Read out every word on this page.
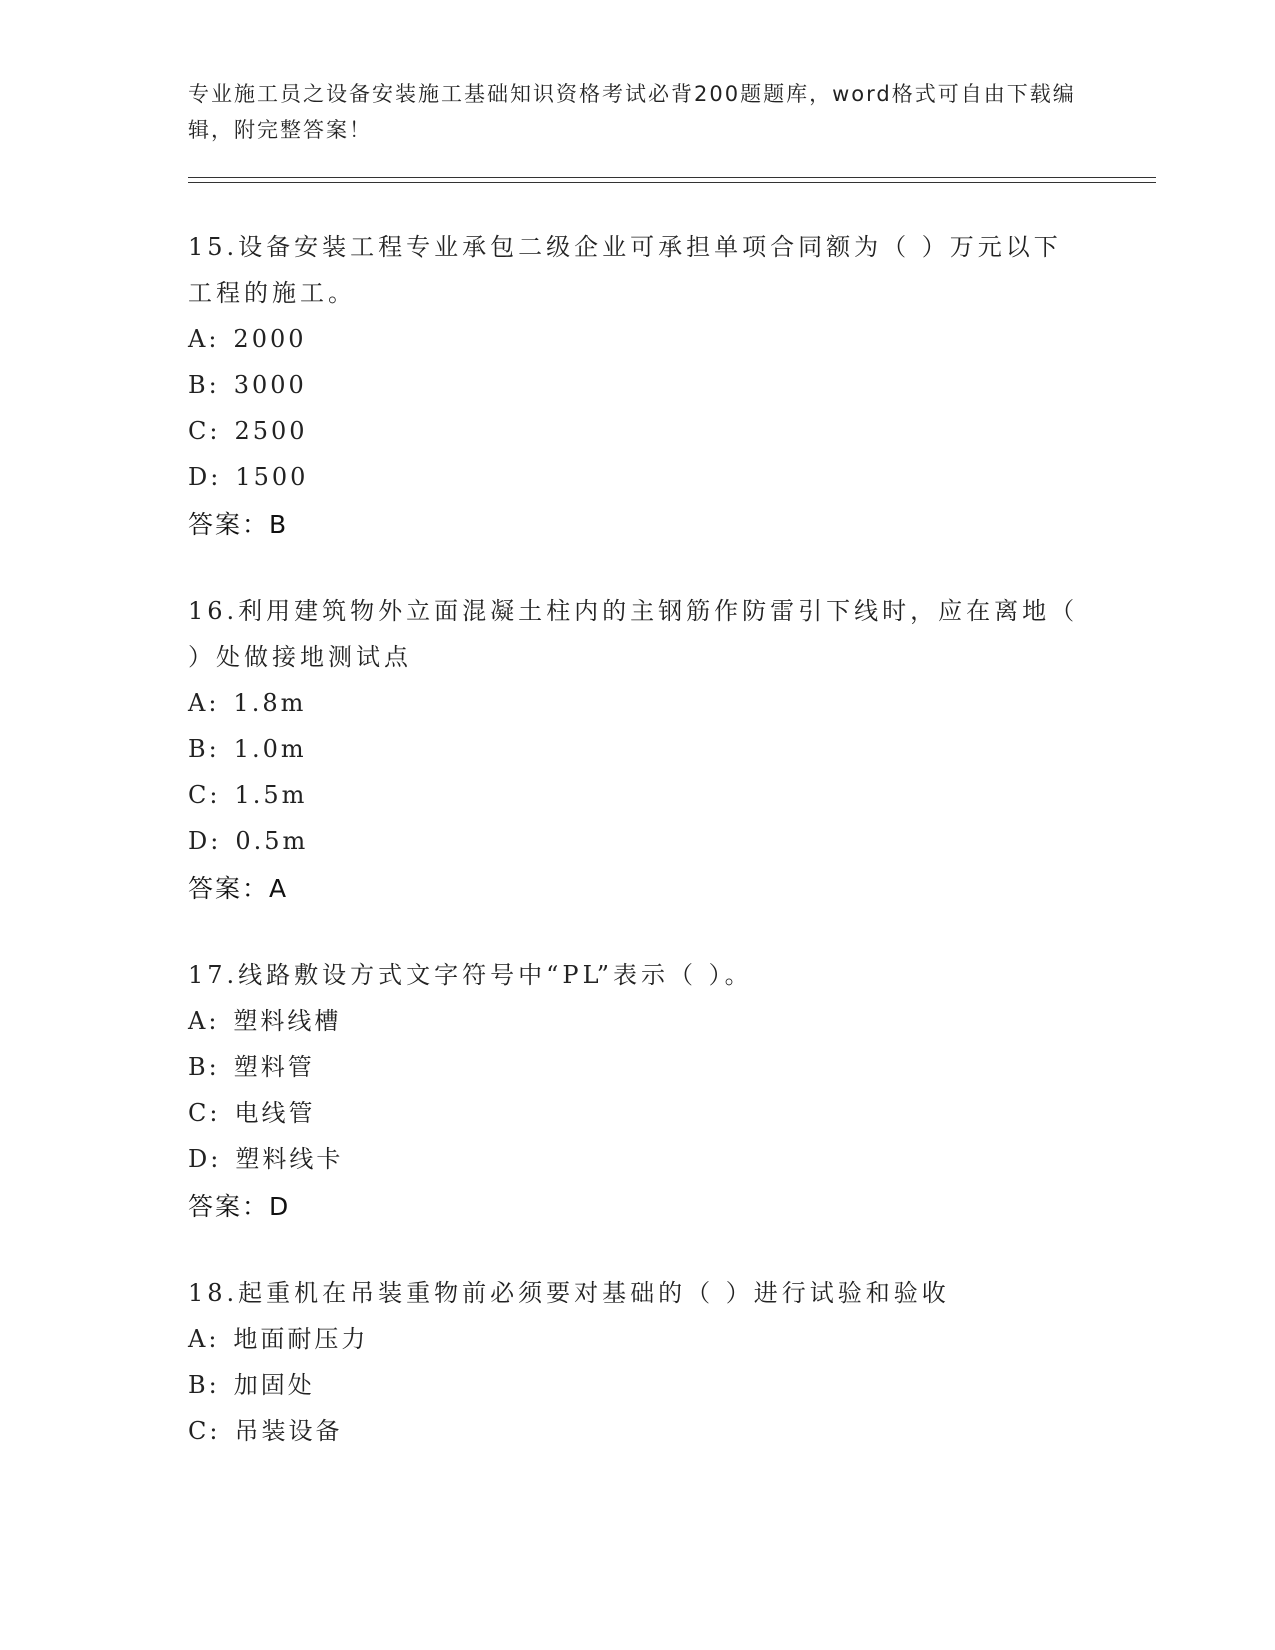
专业施工员之设备安装施工基础知识资格考试必背200题题库，word格式可自由下载编辑，附完整答案！
15.设备安装工程专业承包二级企业可承担单项合同额为（ ）万元以下工程的施工。
A: 2000
B: 3000
C: 2500
D: 1500
答案：B
16.利用建筑物外立面混凝土柱内的主钢筋作防雷引下线时，应在离地（ ）处做接地测试点
A: 1.8m
B: 1.0m
C: 1.5m
D: 0.5m
答案：A
17.线路敷设方式文字符号中“PL”表示（ ）。
A: 塑料线槽
B: 塑料管
C: 电线管
D: 塑料线卡
答案：D
18.起重机在吊装重物前必须要对基础的（ ）进行试验和验收
A: 地面耐压力
B: 加固处
C: 吊装设备
